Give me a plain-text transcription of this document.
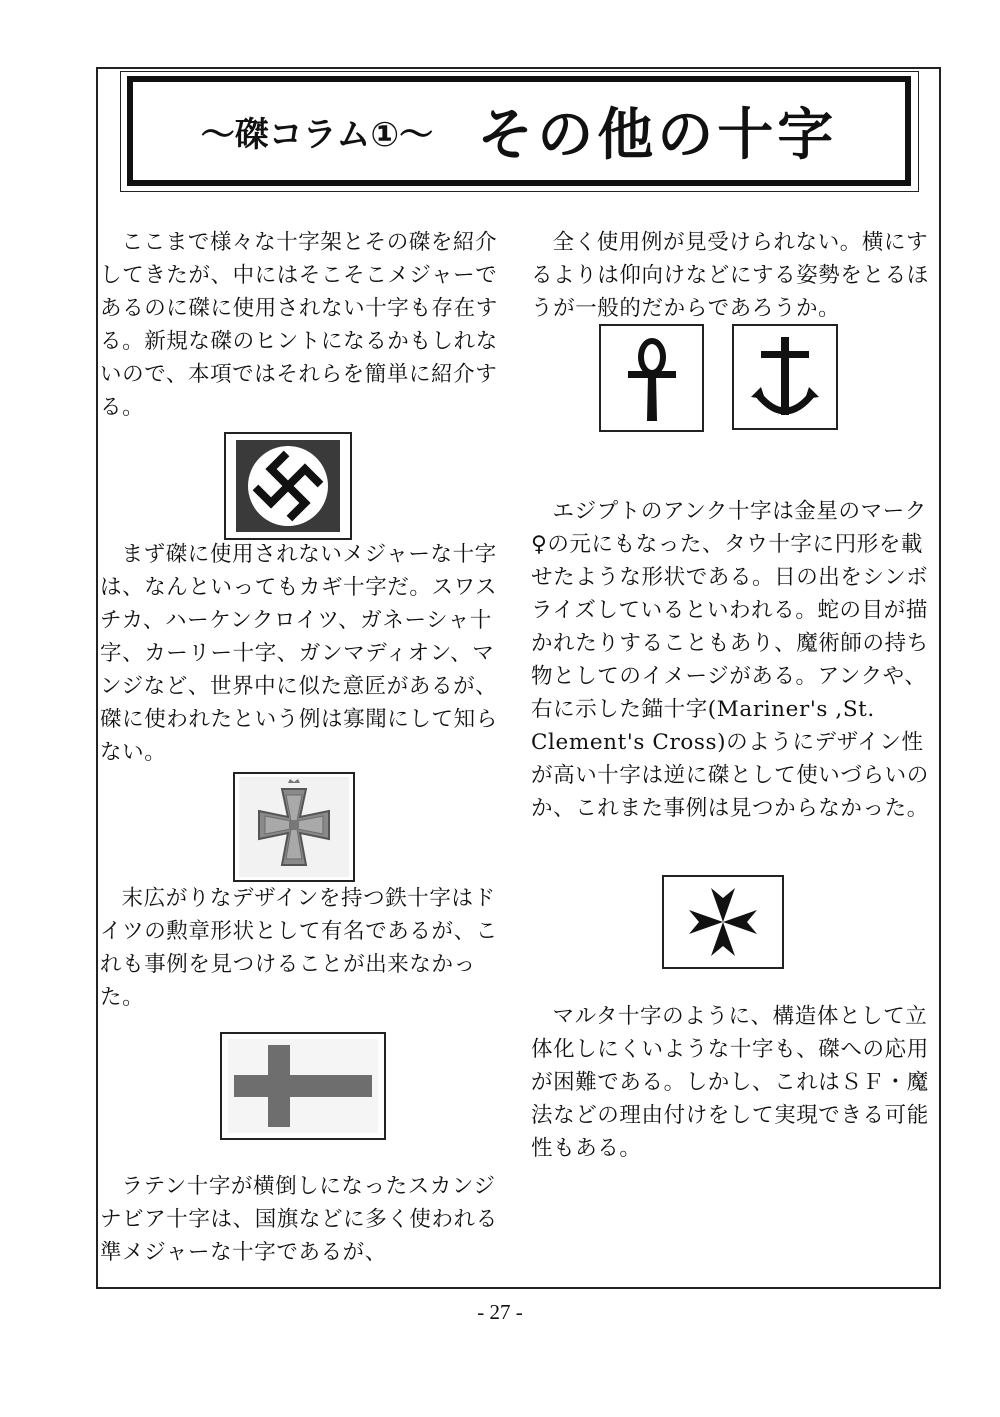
～磔コラム①～ その他の十字

ここまで様々な十字架とその磔を紹介してきたが、中にはそこそこメジャーであるのに磔に使用されない十字も存在する。新規な磔のヒントになるかもしれないので、本項ではそれらを簡単に紹介する。

まず磔に使用されないメジャーな十字は、なんといってもカギ十字だ。スワスチカ、ハーケンクロイツ、ガネーシャ十字、カーリー十字、ガンマディオン、マンジなど、世界中に似た意匠があるが、磔に使われたという例は寡聞にして知らない。

末広がりなデザインを持つ鉄十字はドイツの勲章形状として有名であるが、これも事例を見つけることが出来なかった。

ラテン十字が横倒しになったスカンジナビア十字は、国旗などに多く使われる準メジャーな十字であるが、

全く使用例が見受けられない。横にするよりは仰向けなどにする姿勢をとるほうが一般的だからであろうか。

エジプトのアンク十字は金星のマーク♀の元にもなった、タウ十字に円形を載せたような形状である。日の出をシンボライズしているといわれる。蛇の目が描かれたりすることもあり、魔術師の持ち物としてのイメージがある。アンクや、右に示した錨十字(Mariner's ,St. Clement's Cross)のようにデザイン性が高い十字は逆に磔として使いづらいのか、これまた事例は見つからなかった。

マルタ十字のように、構造体として立体化しにくいような十字も、磔への応用が困難である。しかし、これはＳＦ・魔法などの理由付けをして実現できる可能性もある。

- 27 -
